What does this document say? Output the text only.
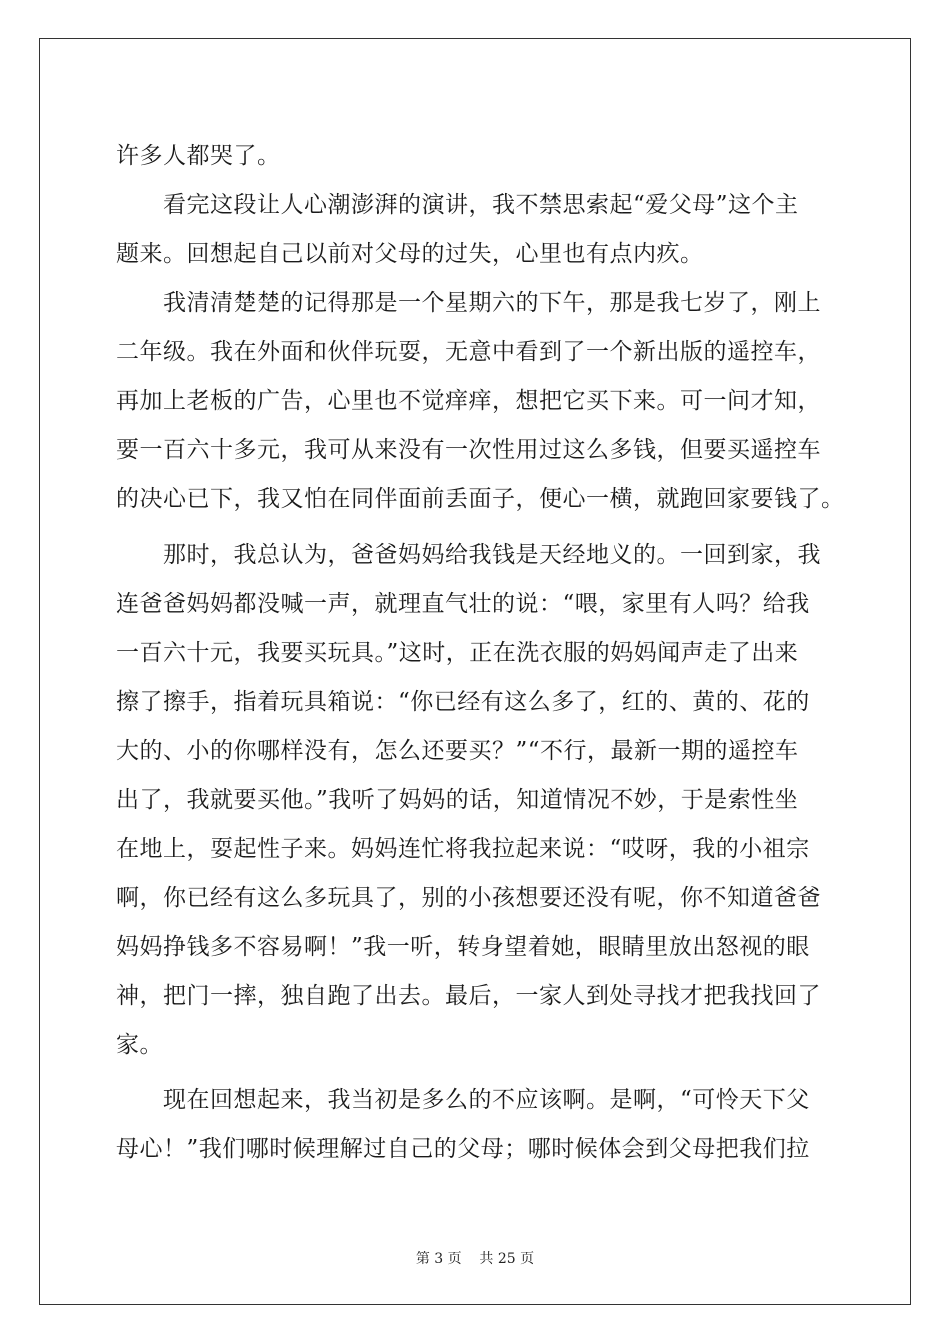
许多人都哭了。
　　看完这段让人心潮澎湃的演讲，我不禁思索起“爱父母”这个主
题来。回想起自己以前对父母的过失，心里也有点内疚。
　　我清清楚楚的记得那是一个星期六的下午，那是我七岁了，刚上
二年级。我在外面和伙伴玩耍，无意中看到了一个新出版的遥控车，
再加上老板的广告，心里也不觉痒痒，想把它买下来。可一问才知，
要一百六十多元，我可从来没有一次性用过这么多钱，但要买遥控车
的决心已下，我又怕在同伴面前丢面子，便心一横，就跑回家要钱了。
　　那时，我总认为，爸爸妈妈给我钱是天经地义的。一回到家，我
连爸爸妈妈都没喊一声，就理直气壮的说：“喂，家里有人吗？给我
一百六十元，我要买玩具。”这时，正在洗衣服的妈妈闻声走了出来
擦了擦手，指着玩具箱说：“你已经有这么多了，红的、黄的、花的
大的、小的你哪样没有，怎么还要买？”“不行，最新一期的遥控车
出了，我就要买他。”我听了妈妈的话，知道情况不妙，于是索性坐
在地上，耍起性子来。妈妈连忙将我拉起来说：“哎呀，我的小祖宗
啊，你已经有这么多玩具了，别的小孩想要还没有呢，你不知道爸爸
妈妈挣钱多不容易啊！”我一听，转身望着她，眼睛里放出怒视的眼
神，把门一摔，独自跑了出去。最后，一家人到处寻找才把我找回了
家。
　　现在回想起来，我当初是多么的不应该啊。是啊，“可怜天下父
母心！”我们哪时候理解过自己的父母；哪时候体会到父母把我们拉
第 3 页    共 25 页
